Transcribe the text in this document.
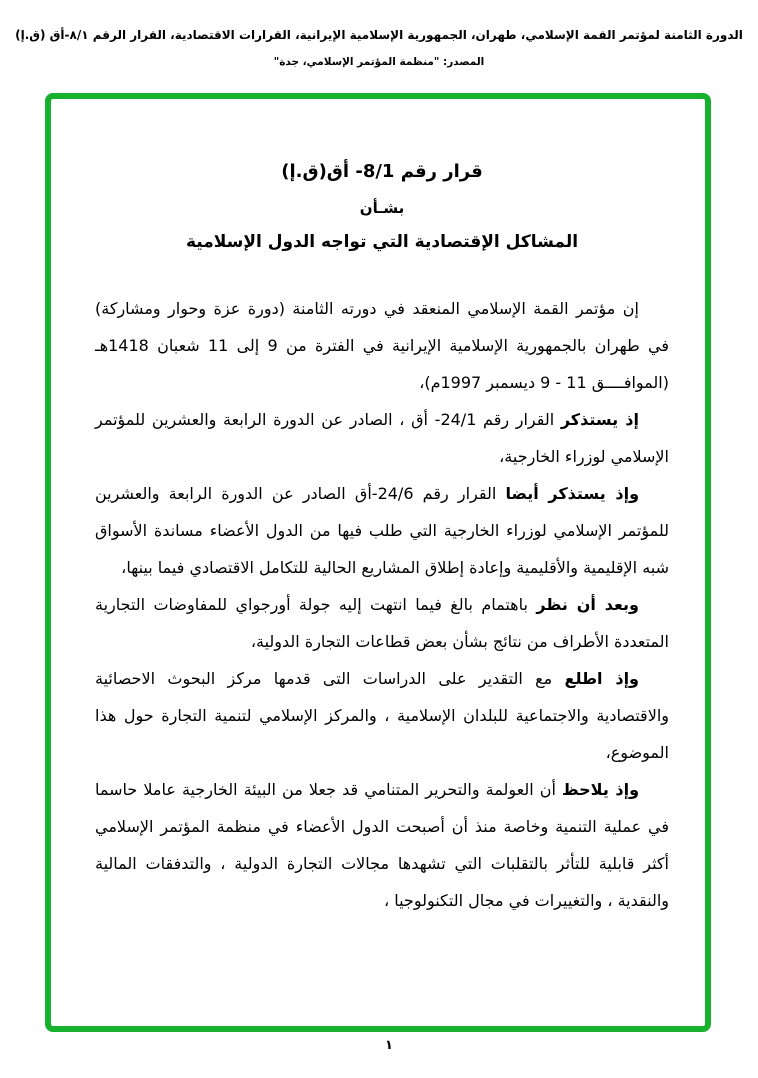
الدورة الثامنة لمؤتمر القمة الإسلامي، طهران، الجمهورية الإسلامية الإيرانية، القرارات الاقتصادية، القرار الرقم ٨/١-أق (ق.إ)
المصدر: "منظمة المؤتمر الإسلامي، جدة"
قرار رقم 8/1- أق(ق.إ)
بشـأن
المشاكل الإقتصادية التي تواجه الدول الإسلامية

إن مؤتمر القمة الإسلامي المنعقد في دورته الثامنة (دورة عزة وحوار ومشاركة) في طهران بالجمهورية الإسلامية الإيرانية في الفترة من 9 إلى 11 شعبان 1418هـ (الموافــــق ⁦9 - 11⁩ ديسمبر 1997م)،

إذ يستذكر القرار رقم 24/1- أق ، الصادر عن الدورة الرابعة والعشرين للمؤتمر الإسلامي لوزراء الخارجية،

وإذ يستذكر أيضا القرار رقم 24/6-أق الصادر عن الدورة الرابعة والعشرين للمؤتمر الإسلامي لوزراء الخارجية التي طلب فيها من الدول الأعضاء مساندة الأسواق شبه الإقليمية والأقليمية وإعادة إطلاق المشاريع الحالية للتكامل الاقتصادي فيما بينها،

وبعد أن نظر باهتمام بالغ فيما انتهت إليه جولة أورجواي للمفاوضات التجارية المتعددة الأطراف من نتائج بشأن بعض قطاعات التجارة الدولية،

وإذ اطلع مع التقدير على الدراسات التى قدمها مركز البحوث الاحصائية والاقتصادية والاجتماعية للبلدان الإسلامية ، والمركز الإسلامي لتنمية التجارة حول هذا الموضوع،

وإذ يلاحظ أن العولمة والتحرير المتنامي قد جعلا من البيئة الخارجية عاملا حاسما في عملية التنمية وخاصة منذ أن أصبحت الدول الأعضاء في منظمة المؤتمر الإسلامي أكثر قابلية للتأثر بالتقلبات التي تشهدها مجالات التجارة الدولية ، والتدفقات المالية والنقدية ، والتغييرات في مجال التكنولوجيا ،

١
